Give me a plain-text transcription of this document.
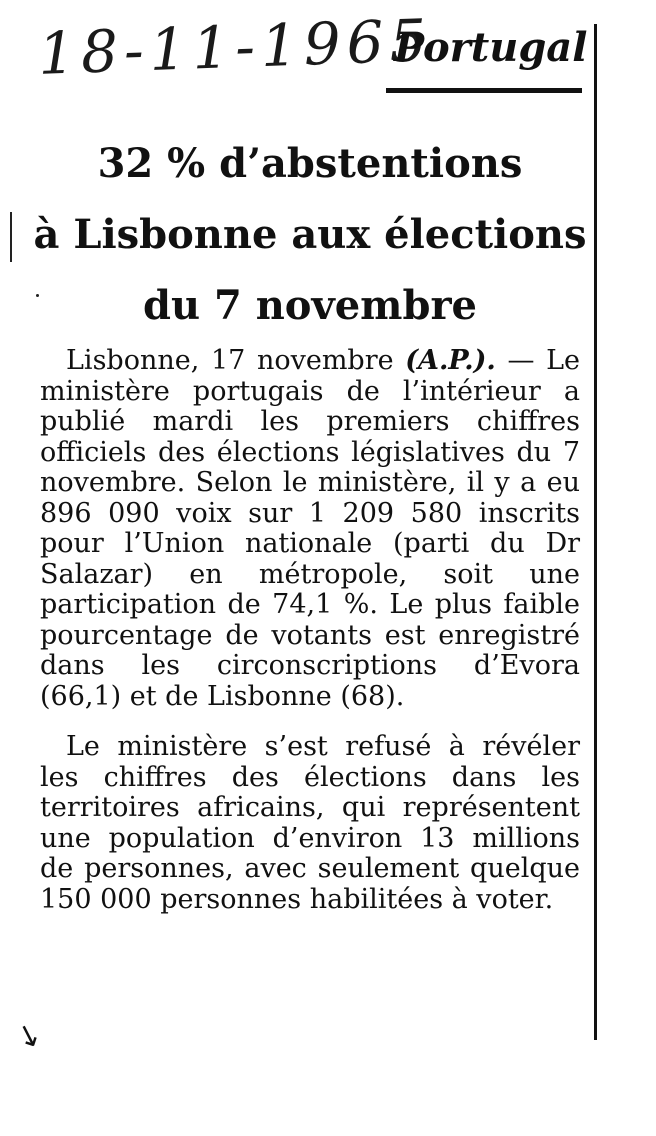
18-11-1965
Portugal
32 % d’abstentions
à Lisbonne aux élections
du 7 novembre

Lisbonne, 17 novembre (A.P.). — Le ministère portugais de l’intérieur a publié mardi les premiers chiffres officiels des élections législatives du 7 novembre. Selon le ministère, il y a eu 896 090 voix sur 1 209 580 inscrits pour l’Union nationale (parti du Dr Salazar) en métropole, soit une participation de 74,1 %. Le plus faible pourcentage de votants est enregistré dans les circonscriptions d’Evora (66,1) et de Lisbonne (68).

Le ministère s’est refusé à révéler les chiffres des élections dans les territoires africains, qui représentent une population d’environ 13 millions de personnes, avec seulement quelque 150 000 personnes habilitées à voter.

↘
